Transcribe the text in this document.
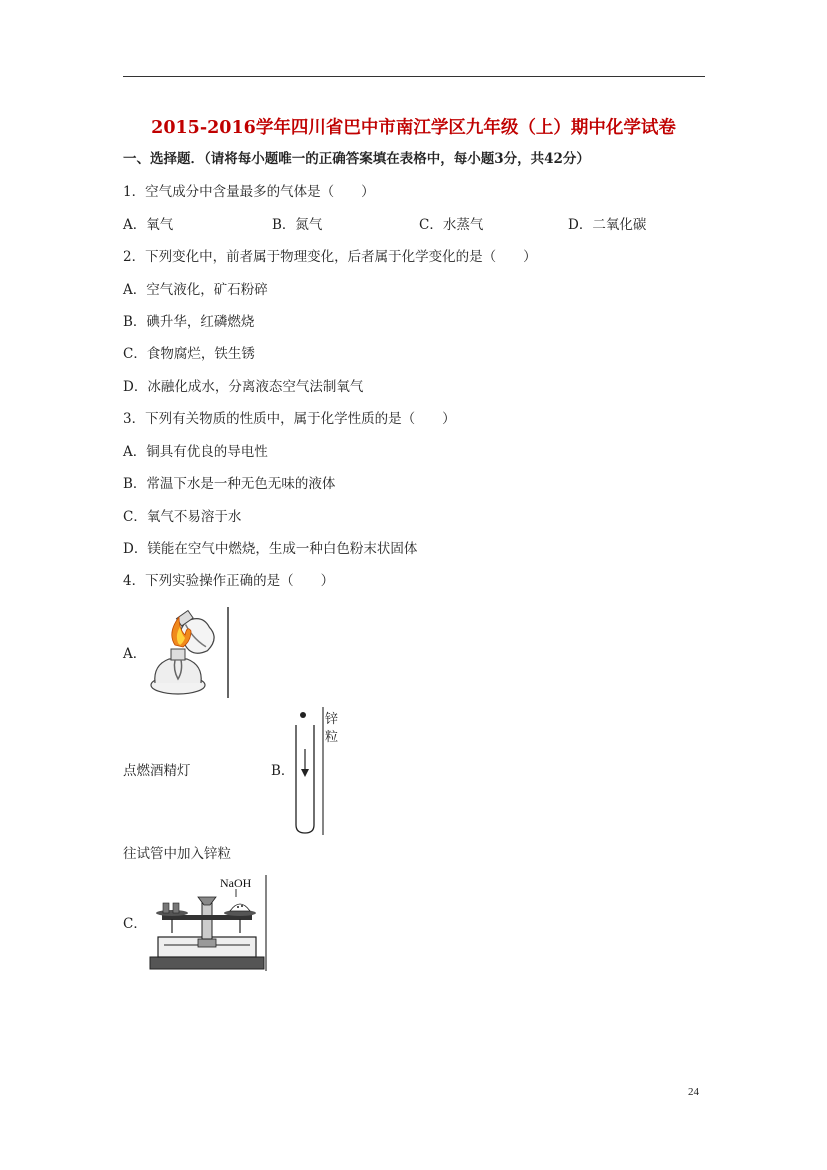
2015-2016学年四川省巴中市南江学区九年级（上）期中化学试卷
一、选择题．（请将每小题唯一的正确答案填在表格中，每小题3分，共42分）
1．空气成分中含量最多的气体是（　　）
A．氧气	B．氮气	C．水蒸气	D．二氧化碳
2．下列变化中，前者属于物理变化，后者属于化学变化的是（　　）
A．空气液化，矿石粉碎
B．碘升华，红磷燃烧
C．食物腐烂，铁生锈
D．冰融化成水，分离液态空气法制氧气
3．下列有关物质的性质中，属于化学性质的是（　　）
A．铜具有优良的导电性
B．常温下水是一种无色无味的液体
C．氧气不易溶于水
D．镁能在空气中燃烧，生成一种白色粉末状固体
4．下列实验操作正确的是（　　）
A．
点燃酒精灯	B．
锌
粒
往试管中加入锌粒
C．
NaOH
24
